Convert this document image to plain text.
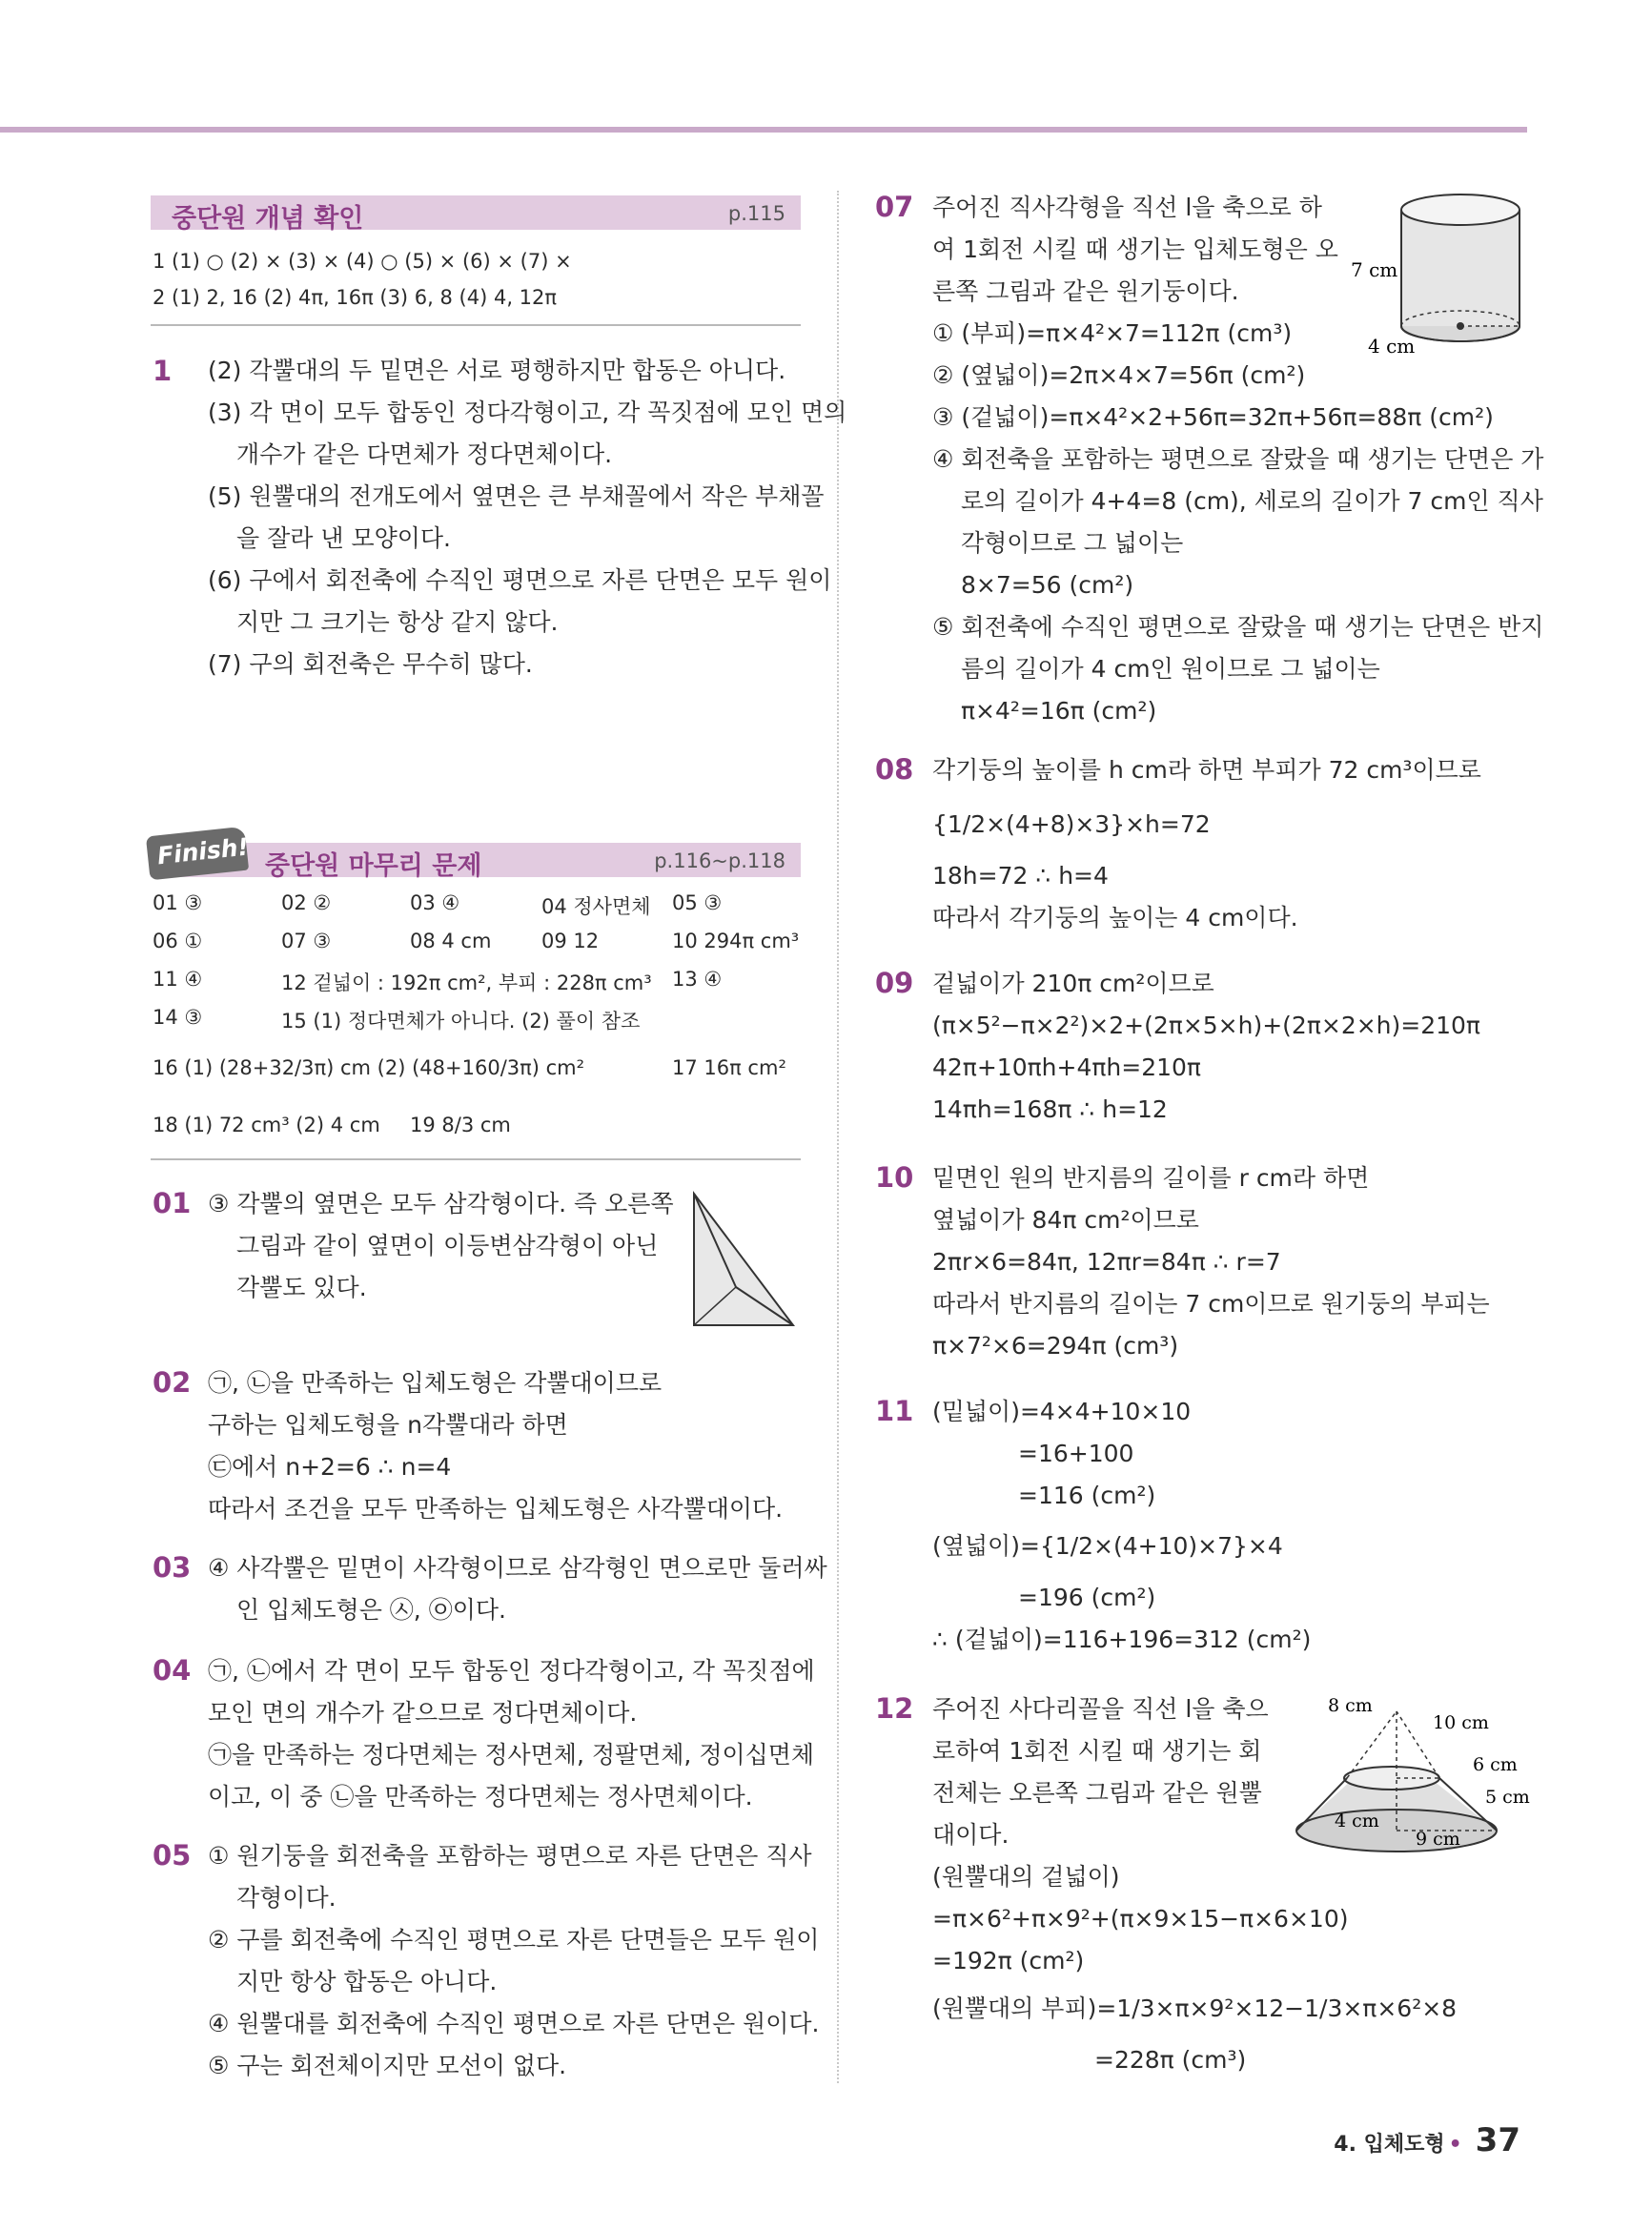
중단원 개념 확인	p.115
1 (1) ○ (2) × (3) × (4) ○ (5) × (6) × (7) ×
2 (1) 2, 16 (2) 4π, 16π (3) 6, 8 (4) 4, 12π
1 (2) 각뿔대의 두 밑면은 서로 평행하지만 합동은 아니다.
(3) 각 면이 모두 합동인 정다각형이고, 각 꼭짓점에 모인 면의
개수가 같은 다면체가 정다면체이다.
(5) 원뿔대의 전개도에서 옆면은 큰 부채꼴에서 작은 부채꼴
을 잘라 낸 모양이다.
(6) 구에서 회전축에 수직인 평면으로 자른 단면은 모두 원이
지만 그 크기는 항상 같지 않다.
(7) 구의 회전축은 무수히 많다.
중단원 마무리 문제	p.116~p.118
Finish!
01 ③	02 ②	03 ④	04 정사면체 05 ③
06 ①	07 ③	08 4 cm	09 12	10 294π cm³
11 ④	12 겉넓이 : 192π cm², 부피 : 228π cm³ 13 ④
14 ③	15 (1) 정다면체가 아니다. (2) 풀이 참조
16 (1) (28+32/3π) cm (2) (48+160/3π) cm²	17 16π cm²
18 (1) 72 cm³ (2) 4 cm 19 8/3 cm
01 ③ 각뿔의 옆면은 모두 삼각형이다. 즉 오른쪽
그림과 같이 옆면이 이등변삼각형이 아닌
각뿔도 있다.
02 ㉠, ㉡을 만족하는 입체도형은 각뿔대이므로
구하는 입체도형을 n각뿔대라 하면
㉢에서 n+2=6 ∴ n=4
따라서 조건을 모두 만족하는 입체도형은 사각뿔대이다.
03 ④ 사각뿔은 밑면이 사각형이므로 삼각형인 면으로만 둘러싸
인 입체도형은 ㉦, ㉧이다.
04 ㉠, ㉡에서 각 면이 모두 합동인 정다각형이고, 각 꼭짓점에
모인 면의 개수가 같으므로 정다면체이다.
㉠을 만족하는 정다면체는 정사면체, 정팔면체, 정이십면체
이고, 이 중 ㉡을 만족하는 정다면체는 정사면체이다.
05 ① 원기둥을 회전축을 포함하는 평면으로 자른 단면은 직사
각형이다.
② 구를 회전축에 수직인 평면으로 자른 단면들은 모두 원이
지만 항상 합동은 아니다.
④ 원뿔대를 회전축에 수직인 평면으로 자른 단면은 원이다.
⑤ 구는 회전체이지만 모선이 없다.
07 주어진 직사각형을 직선 l을 축으로 하
여 1회전 시킬 때 생기는 입체도형은 오
른쪽 그림과 같은 원기둥이다.
① (부피)=π×4²×7=112π (cm³)
② (옆넓이)=2π×4×7=56π (cm²)
③ (겉넓이)=π×4²×2+56π=32π+56π=88π (cm²)
④ 회전축을 포함하는 평면으로 잘랐을 때 생기는 단면은 가
로의 길이가 4+4=8 (cm), 세로의 길이가 7 cm인 직사
각형이므로 그 넓이는
8×7=56 (cm²)
⑤ 회전축에 수직인 평면으로 잘랐을 때 생기는 단면은 반지
름의 길이가 4 cm인 원이므로 그 넓이는
π×4²=16π (cm²)
7 cm
4 cm
08 각기둥의 높이를 h cm라 하면 부피가 72 cm³이므로
{1/2×(4+8)×3}×h=72
18h=72 ∴ h=4
따라서 각기둥의 높이는 4 cm이다.
09 겉넓이가 210π cm²이므로
(π×5²−π×2²)×2+(2π×5×h)+(2π×2×h)=210π
42π+10πh+4πh=210π
14πh=168π ∴ h=12
10 밑면인 원의 반지름의 길이를 r cm라 하면
옆넓이가 84π cm²이므로
2πr×6=84π, 12πr=84π ∴ r=7
따라서 반지름의 길이는 7 cm이므로 원기둥의 부피는
π×7²×6=294π (cm³)
11 (밑넓이)=4×4+10×10
=16+100
=116 (cm²)
(옆넓이)={1/2×(4+10)×7}×4
=196 (cm²)
∴ (겉넓이)=116+196=312 (cm²)
12 주어진 사다리꼴을 직선 l을 축으
로하여 1회전 시킬 때 생기는 회
전체는 오른쪽 그림과 같은 원뿔
대이다.
(원뿔대의 겉넓이)
=π×6²+π×9²+(π×9×15−π×6×10)
=192π (cm²)
(원뿔대의 부피)=1/3×π×9²×12−1/3×π×6²×8
=228π (cm³)
8 cm
10 cm
6 cm
5 cm
4 cm
9 cm
4. 입체도형 • 37
